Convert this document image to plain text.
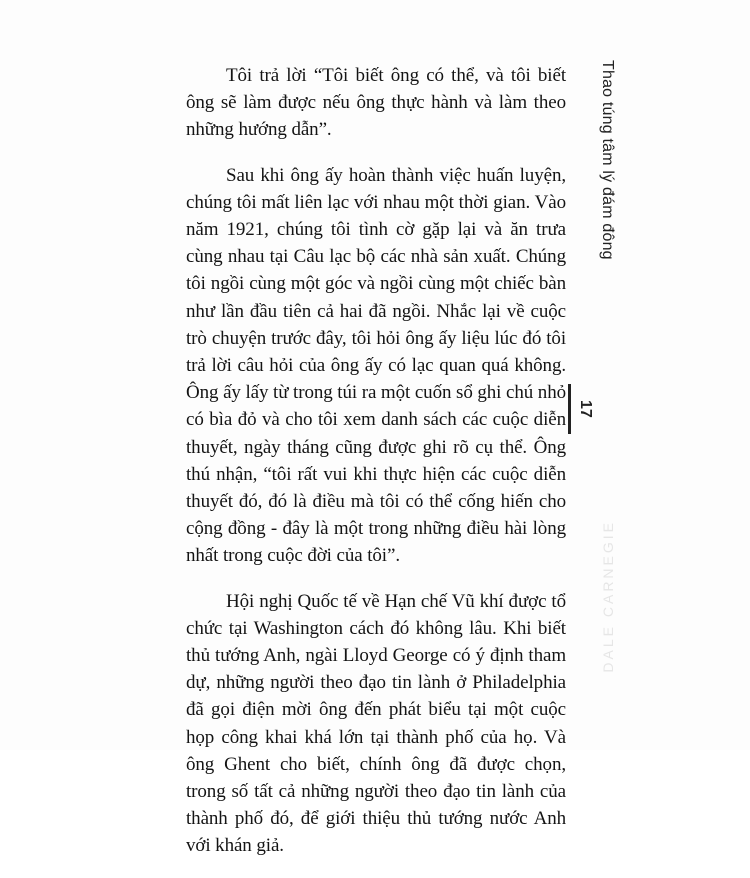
Tôi trả lời “Tôi biết ông có thể, và tôi biết ông sẽ làm được nếu ông thực hành và làm theo những hướng dẫn”.

Sau khi ông ấy hoàn thành việc huấn luyện, chúng tôi mất liên lạc với nhau một thời gian. Vào năm 1921, chúng tôi tình cờ gặp lại và ăn trưa cùng nhau tại Câu lạc bộ các nhà sản xuất. Chúng tôi ngồi cùng một góc và ngồi cùng một chiếc bàn như lần đầu tiên cả hai đã ngồi. Nhắc lại về cuộc trò chuyện trước đây, tôi hỏi ông ấy liệu lúc đó tôi trả lời câu hỏi của ông ấy có lạc quan quá không. Ông ấy lấy từ trong túi ra một cuốn sổ ghi chú nhỏ có bìa đỏ và cho tôi xem danh sách các cuộc diễn thuyết, ngày tháng cũng được ghi rõ cụ thể. Ông thú nhận, “tôi rất vui khi thực hiện các cuộc diễn thuyết đó, đó là điều mà tôi có thể cống hiến cho cộng đồng - đây là một trong những điều hài lòng nhất trong cuộc đời của tôi”.

Hội nghị Quốc tế về Hạn chế Vũ khí được tổ chức tại Washington cách đó không lâu. Khi biết thủ tướng Anh, ngài Lloyd George có ý định tham dự, những người theo đạo tin lành ở Philadelphia đã gọi điện mời ông đến phát biểu tại một cuộc họp công khai khá lớn tại thành phố của họ. Và ông Ghent cho biết, chính ông đã được chọn, trong số tất cả những người theo đạo tin lành của thành phố đó, để giới thiệu thủ tướng nước Anh với khán giả.

Thao túng tâm lý đám đông
17
DALE CARNEGIE
